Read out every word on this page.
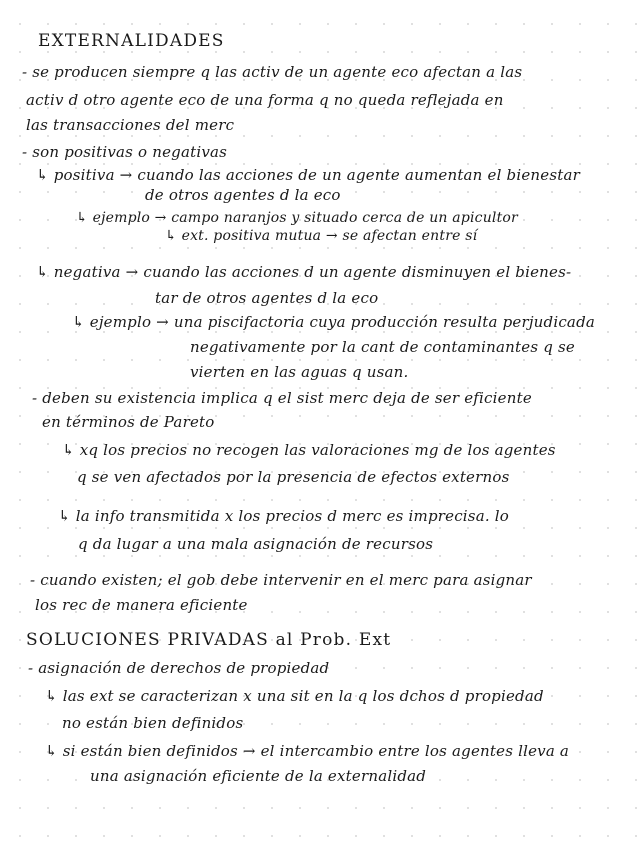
EXTERNALIDADES
- se producen siempre q las activ de un agente eco afectan a las
activ d otro agente eco de una forma q no queda reflejada en
las transacciones del merc
- son positivas o negativas
↳ positiva → cuando las acciones de un agente aumentan el bienestar
de otros agentes d la eco
↳ ejemplo → campo naranjos y situado cerca de un apicultor
↳ ext. positiva mutua → se afectan entre sí
↳ negativa → cuando las acciones d un agente disminuyen el bienes-
tar de otros agentes d la eco
↳ ejemplo → una piscifactoria cuya producción resulta perjudicada
negativamente por la cant de contaminantes q se
vierten en las aguas q usan.
- deben su existencia implica q el sist merc deja de ser eficiente
en términos de Pareto
↳ xq los precios no recogen las valoraciones mg de los agentes
q se ven afectados por la presencia de efectos externos
↳ la info transmitida x los precios d merc es imprecisa. lo
q da lugar a una mala asignación de recursos
- cuando existen; el gob debe intervenir en el merc para asignar
los rec de manera eficiente
SOLUCIONES PRIVADAS al Prob. Ext
- asignación de derechos de propiedad
↳ las ext se caracterizan x una sit en la q los dchos d propiedad
no están bien definidos
↳ si están bien definidos → el intercambio entre los agentes lleva a
una asignación eficiente de la externalidad
